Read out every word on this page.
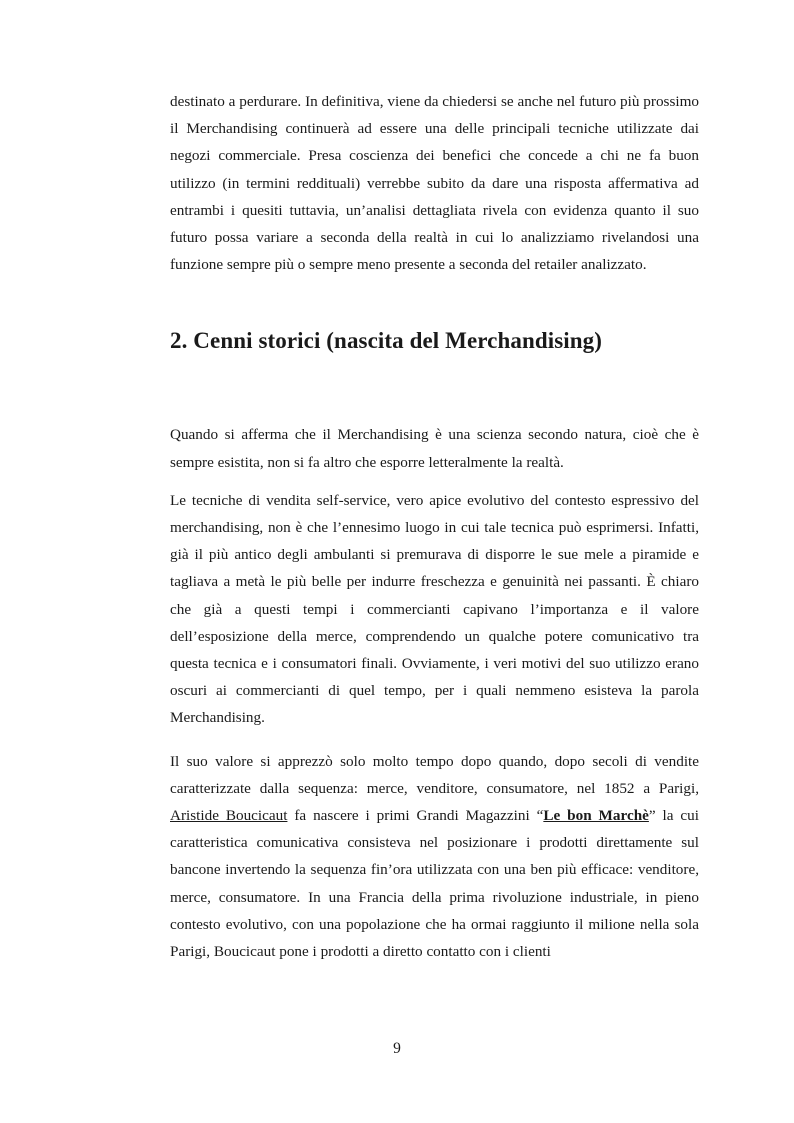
destinato a perdurare. In definitiva, viene da chiedersi se anche nel futuro più prossimo il Merchandising continuerà ad essere una delle principali tecniche utilizzate dai negozi commerciale. Presa coscienza dei benefici che concede a chi ne fa buon utilizzo (in termini reddituali) verrebbe subito da dare una risposta affermativa ad entrambi i quesiti tuttavia, un’analisi dettagliata rivela con evidenza quanto il suo futuro possa variare a seconda della realtà in cui lo analizziamo rivelandosi una funzione sempre più o sempre meno presente a seconda del retailer analizzato.

2. Cenni storici (nascita del Merchandising)

Quando si afferma che il Merchandising è una scienza secondo natura, cioè che è sempre esistita, non si fa altro che esporre letteralmente la realtà.

Le tecniche di vendita self-service, vero apice evolutivo del contesto espressivo del merchandising, non è che l’ennesimo luogo in cui tale tecnica può esprimersi. Infatti, già il più antico degli ambulanti si premurava di disporre le sue mele a piramide e tagliava a metà le più belle per indurre freschezza e genuinità nei passanti. È chiaro che già a questi tempi i commercianti capivano l’importanza e il valore dell’esposizione della merce, comprendendo un qualche potere comunicativo tra questa tecnica e i consumatori finali. Ovviamente, i veri motivi del suo utilizzo erano oscuri ai commercianti di quel tempo, per i quali nemmeno esisteva la parola Merchandising.

Il suo valore si apprezzò solo molto tempo dopo quando, dopo secoli di vendite caratterizzate dalla sequenza: merce, venditore, consumatore, nel 1852 a Parigi, Aristide Boucicaut fa nascere i primi Grandi Magazzini “Le bon Marchè” la cui caratteristica comunicativa consisteva nel posizionare i prodotti direttamente sul bancone invertendo la sequenza fin’ora utilizzata con una ben più efficace: venditore, merce, consumatore. In una Francia della prima rivoluzione industriale, in pieno contesto evolutivo, con una popolazione che ha ormai raggiunto il milione nella sola Parigi, Boucicaut pone i prodotti a diretto contatto con i clienti

9
